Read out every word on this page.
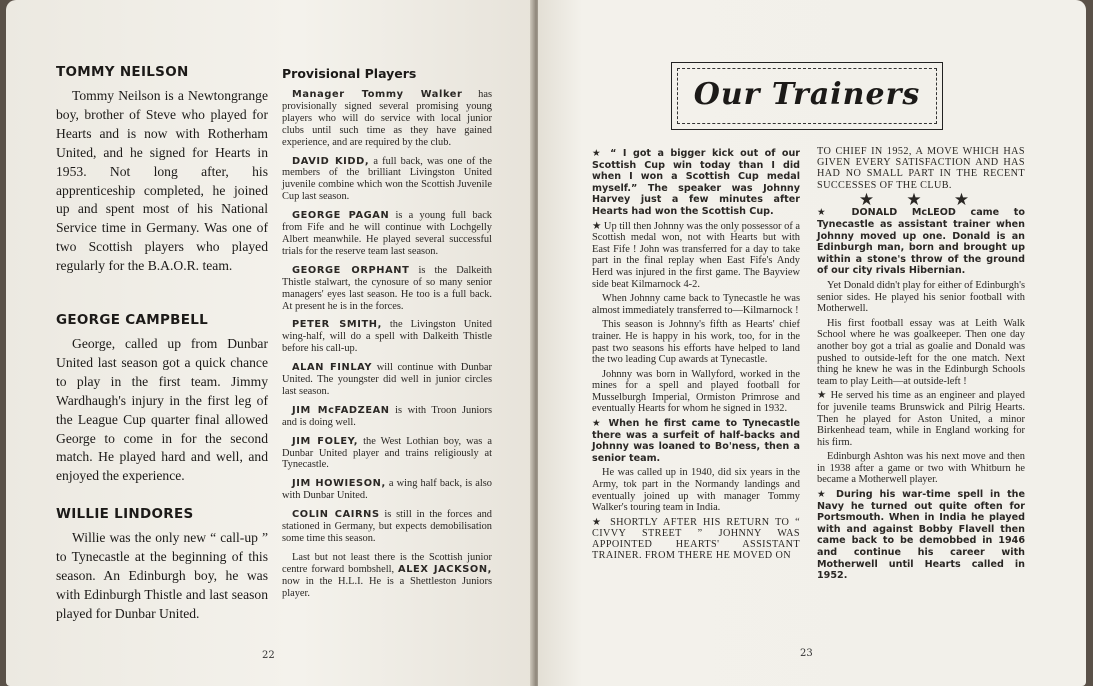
TOMMY NEILSON

Tommy Neilson is a Newtongrange boy, brother of Steve who played for Hearts and is now with Rotherham United, and he signed for Hearts in 1953. Not long after, his apprenticeship completed, he joined up and spent most of his National Service time in Germany. Was one of two Scottish players who played regularly for the B.A.O.R. team.

GEORGE CAMPBELL

George, called up from Dunbar United last season got a quick chance to play in the first team. Jimmy Wardhaugh's injury in the first leg of the League Cup quarter final allowed George to come in for the second match. He played hard and well, and enjoyed the experience.

WILLIE LINDORES

Willie was the only new “ call-up ” to Tynecastle at the beginning of this season. An Edinburgh boy, he was with Edinburgh Thistle and last season played for Dunbar United.

Provisional Players

Manager Tommy Walker has provisionally signed several promising young players who will do service with local junior clubs until such time as they have gained experience, and are required by the club.

DAVID KIDD, a full back, was one of the members of the brilliant Livingston United juvenile combine which won the Scottish Juvenile Cup last season.

GEORGE PAGAN is a young full back from Fife and he will continue with Lochgelly Albert meanwhile. He played several successful trials for the reserve team last season.

GEORGE ORPHANT is the Dalkeith Thistle stalwart, the cynosure of so many senior managers' eyes last season. He too is a full back. At present he is in the forces.

PETER SMITH, the Livingston United wing-half, will do a spell with Dalkeith Thistle before his call-up.

ALAN FINLAY will continue with Dunbar United. The youngster did well in junior circles last season.

JIM McFADZEAN is with Troon Juniors and is doing well.

JIM FOLEY, the West Lothian boy, was a Dunbar United player and trains religiously at Tynecastle.

JIM HOWIESON, a wing half back, is also with Dunbar United.

COLIN CAIRNS is still in the forces and stationed in Germany, but expects demobilisation some time this season.

Last but not least there is the Scottish junior centre forward bombshell, ALEX JACKSON, now in the H.L.I. He is a Shettleston Juniors player.

22
Our Trainers

★ “ I got a bigger kick out of our Scottish Cup win today than I did when I won a Scottish Cup medal myself.” The speaker was Johnny Harvey just a few minutes after Hearts had won the Scottish Cup.

★ Up till then Johnny was the only possessor of a Scottish medal won, not with Hearts but with East Fife ! John was transferred for a day to take part in the final replay when East Fife's Andy Herd was injured in the first game. The Bayview side beat Kilmarnock 4-2.

When Johnny came back to Tynecastle he was almost immediately transferred to—Kilmarnock !

This season is Johnny's fifth as Hearts' chief trainer. He is happy in his work, too, for in the past two seasons his efforts have helped to land the two leading Cup awards at Tynecastle.

Johnny was born in Wallyford, worked in the mines for a spell and played football for Musselburgh Imperial, Ormiston Primrose and eventually Hearts for whom he signed in 1932.

★ When he first came to Tynecastle there was a surfeit of half-backs and Johnny was loaned to Bo'ness, then a senior team.

He was called up in 1940, did six years in the Army, tok part in the Normandy landings and eventually joined up with manager Tommy Walker's touring team in India.

★ SHORTLY AFTER HIS RETURN TO “ CIVVY STREET ” JOHNNY WAS APPOINTED HEARTS' ASSISTANT TRAINER. FROM THERE HE MOVED ON

TO CHIEF IN 1952, A MOVE WHICH HAS GIVEN EVERY SATISFACTION AND HAS HAD NO SMALL PART IN THE RECENT SUCCESSES OF THE CLUB.

★ ★ ★

★ DONALD McLEOD came to Tynecastle as assistant trainer when Johnny moved up one. Donald is an Edinburgh man, born and brought up within a stone's throw of the ground of our city rivals Hibernian.

Yet Donald didn't play for either of Edinburgh's senior sides. He played his senior football with Motherwell.

His first football essay was at Leith Walk School where he was goalkeeper. Then one day another boy got a trial as goalie and Donald was pushed to outside-left for the one match. Next thing he knew he was in the Edinburgh Schools team to play Leith—at outside-left !

★ He served his time as an engineer and played for juvenile teams Brunswick and Pilrig Hearts. Then he played for Aston United, a minor Birkenhead team, while in England working for his firm.

Edinburgh Ashton was his next move and then in 1938 after a game or two with Whitburn he became a Motherwell player.

★ During his war-time spell in the Navy he turned out quite often for Portsmouth. When in India he played with and against Bobby Flavell then came back to be demobbed in 1946 and continue his career with Motherwell until Hearts called in 1952.

23
